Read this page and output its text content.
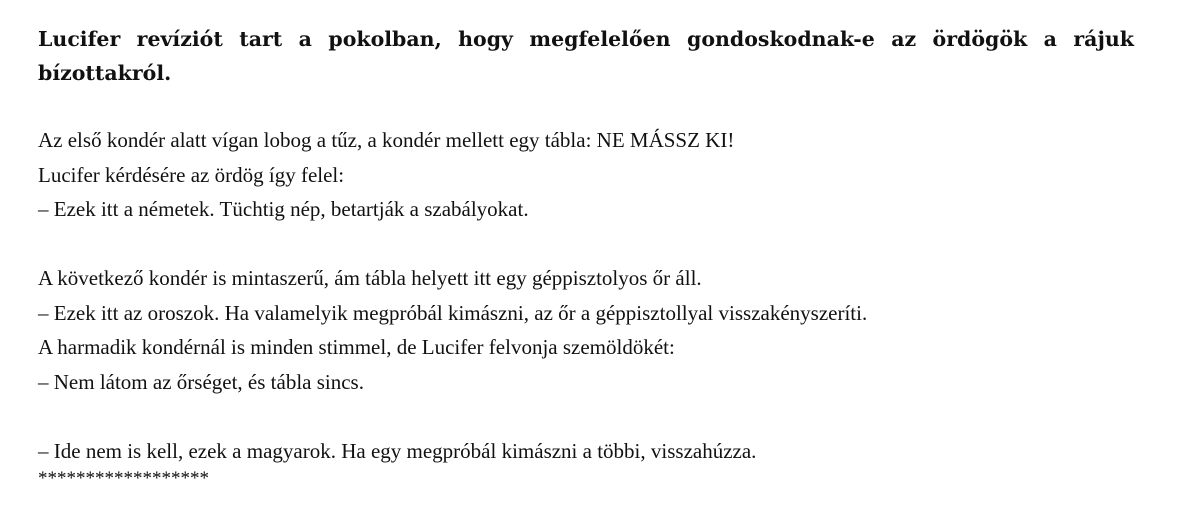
Lucifer revíziót tart a pokolban, hogy megfelelően gondoskodnak-e az ördögök a rájuk bízottakról.

Az első kondér alatt vígan lobog a tűz, a kondér mellett egy tábla: NE MÁSSZ KI!
Lucifer kérdésére az ördög így felel:
– Ezek itt a németek. Tüchtig nép, betartják a szabályokat.
A következő kondér is mintaszerű, ám tábla helyett itt egy géppisztolyos őr áll.
– Ezek itt az oroszok. Ha valamelyik megpróbál kimászni, az őr a géppisztollyal visszakényszeríti.
A harmadik kondérnál is minden stimmel, de Lucifer felvonja szemöldökét:
– Nem látom az őrséget, és tábla sincs.
– Ide nem is kell, ezek a magyarok. Ha egy megpróbál kimászni a többi, visszahúzza.
******************
